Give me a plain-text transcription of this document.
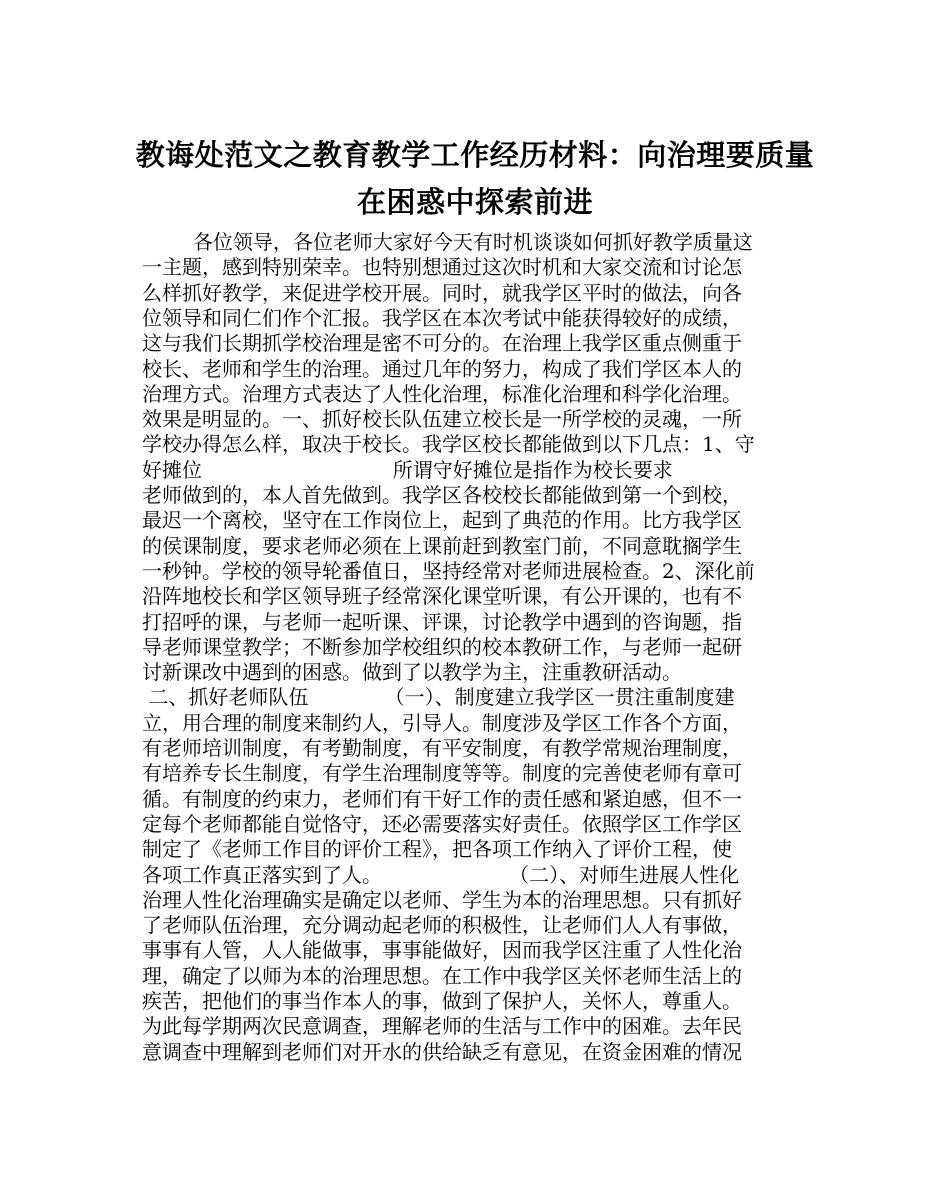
教诲处范文之教育教学工作经历材料：向治理要质量
在困惑中探索前进
各位领导，各位老师大家好今天有时机谈谈如何抓好教学质量这
一主题，感到特别荣幸。也特别想通过这次时机和大家交流和讨论怎
么样抓好教学，来促进学校开展。同时，就我学区平时的做法，向各
位领导和同仁们作个汇报。我学区在本次考试中能获得较好的成绩，
这与我们长期抓学校治理是密不可分的。在治理上我学区重点侧重于
校长、老师和学生的治理。通过几年的努力，构成了我们学区本人的
治理方式。治理方式表达了人性化治理，标准化治理和科学化治理。
效果是明显的。一、抓好校长队伍建立校长是一所学校的灵魂，一所
学校办得怎么样，取决于校长。我学区校长都能做到以下几点：1、守
好摊位                              所谓守好摊位是指作为校长要求
老师做到的，本人首先做到。我学区各校校长都能做到第一个到校，
最迟一个离校，坚守在工作岗位上，起到了典范的作用。比方我学区
的侯课制度，要求老师必须在上课前赶到教室门前，不同意耽搁学生
一秒钟。学校的领导轮番值日，坚持经常对老师进展检查。2、深化前
沿阵地校长和学区领导班子经常深化课堂听课，有公开课的，也有不
打招呼的课，与老师一起听课、评课，讨论教学中遇到的咨询题，指
导老师课堂教学；不断参加学校组织的校本教研工作，与老师一起研
讨新课改中遇到的困惑。做到了以教学为主，注重教研活动。
二、抓好老师队伍            （一）、制度建立我学区一贯注重制度建
立，用合理的制度来制约人，引导人。制度涉及学区工作各个方面，
有老师培训制度，有考勤制度，有平安制度，有教学常规治理制度，
有培养专长生制度，有学生治理制度等等。制度的完善使老师有章可
循。有制度的约束力，老师们有干好工作的责任感和紧迫感，但不一
定每个老师都能自觉恪守，还必需要落实好责任。依照学区工作学区
制定了《老师工作目的评价工程》，把各项工作纳入了评价工程，使
各项工作真正落实到了人。                    （二）、对师生进展人性化
治理人性化治理确实是确定以老师、学生为本的治理思想。只有抓好
了老师队伍治理，充分调动起老师的积极性，让老师们人人有事做，
事事有人管，人人能做事，事事能做好，因而我学区注重了人性化治
理，确定了以师为本的治理思想。在工作中我学区关怀老师生活上的
疾苦，把他们的事当作本人的事，做到了保护人，关怀人，尊重人。
为此每学期两次民意调查，理解老师的生活与工作中的困难。去年民
意调查中理解到老师们对开水的供给缺乏有意见，在资金困难的情况
